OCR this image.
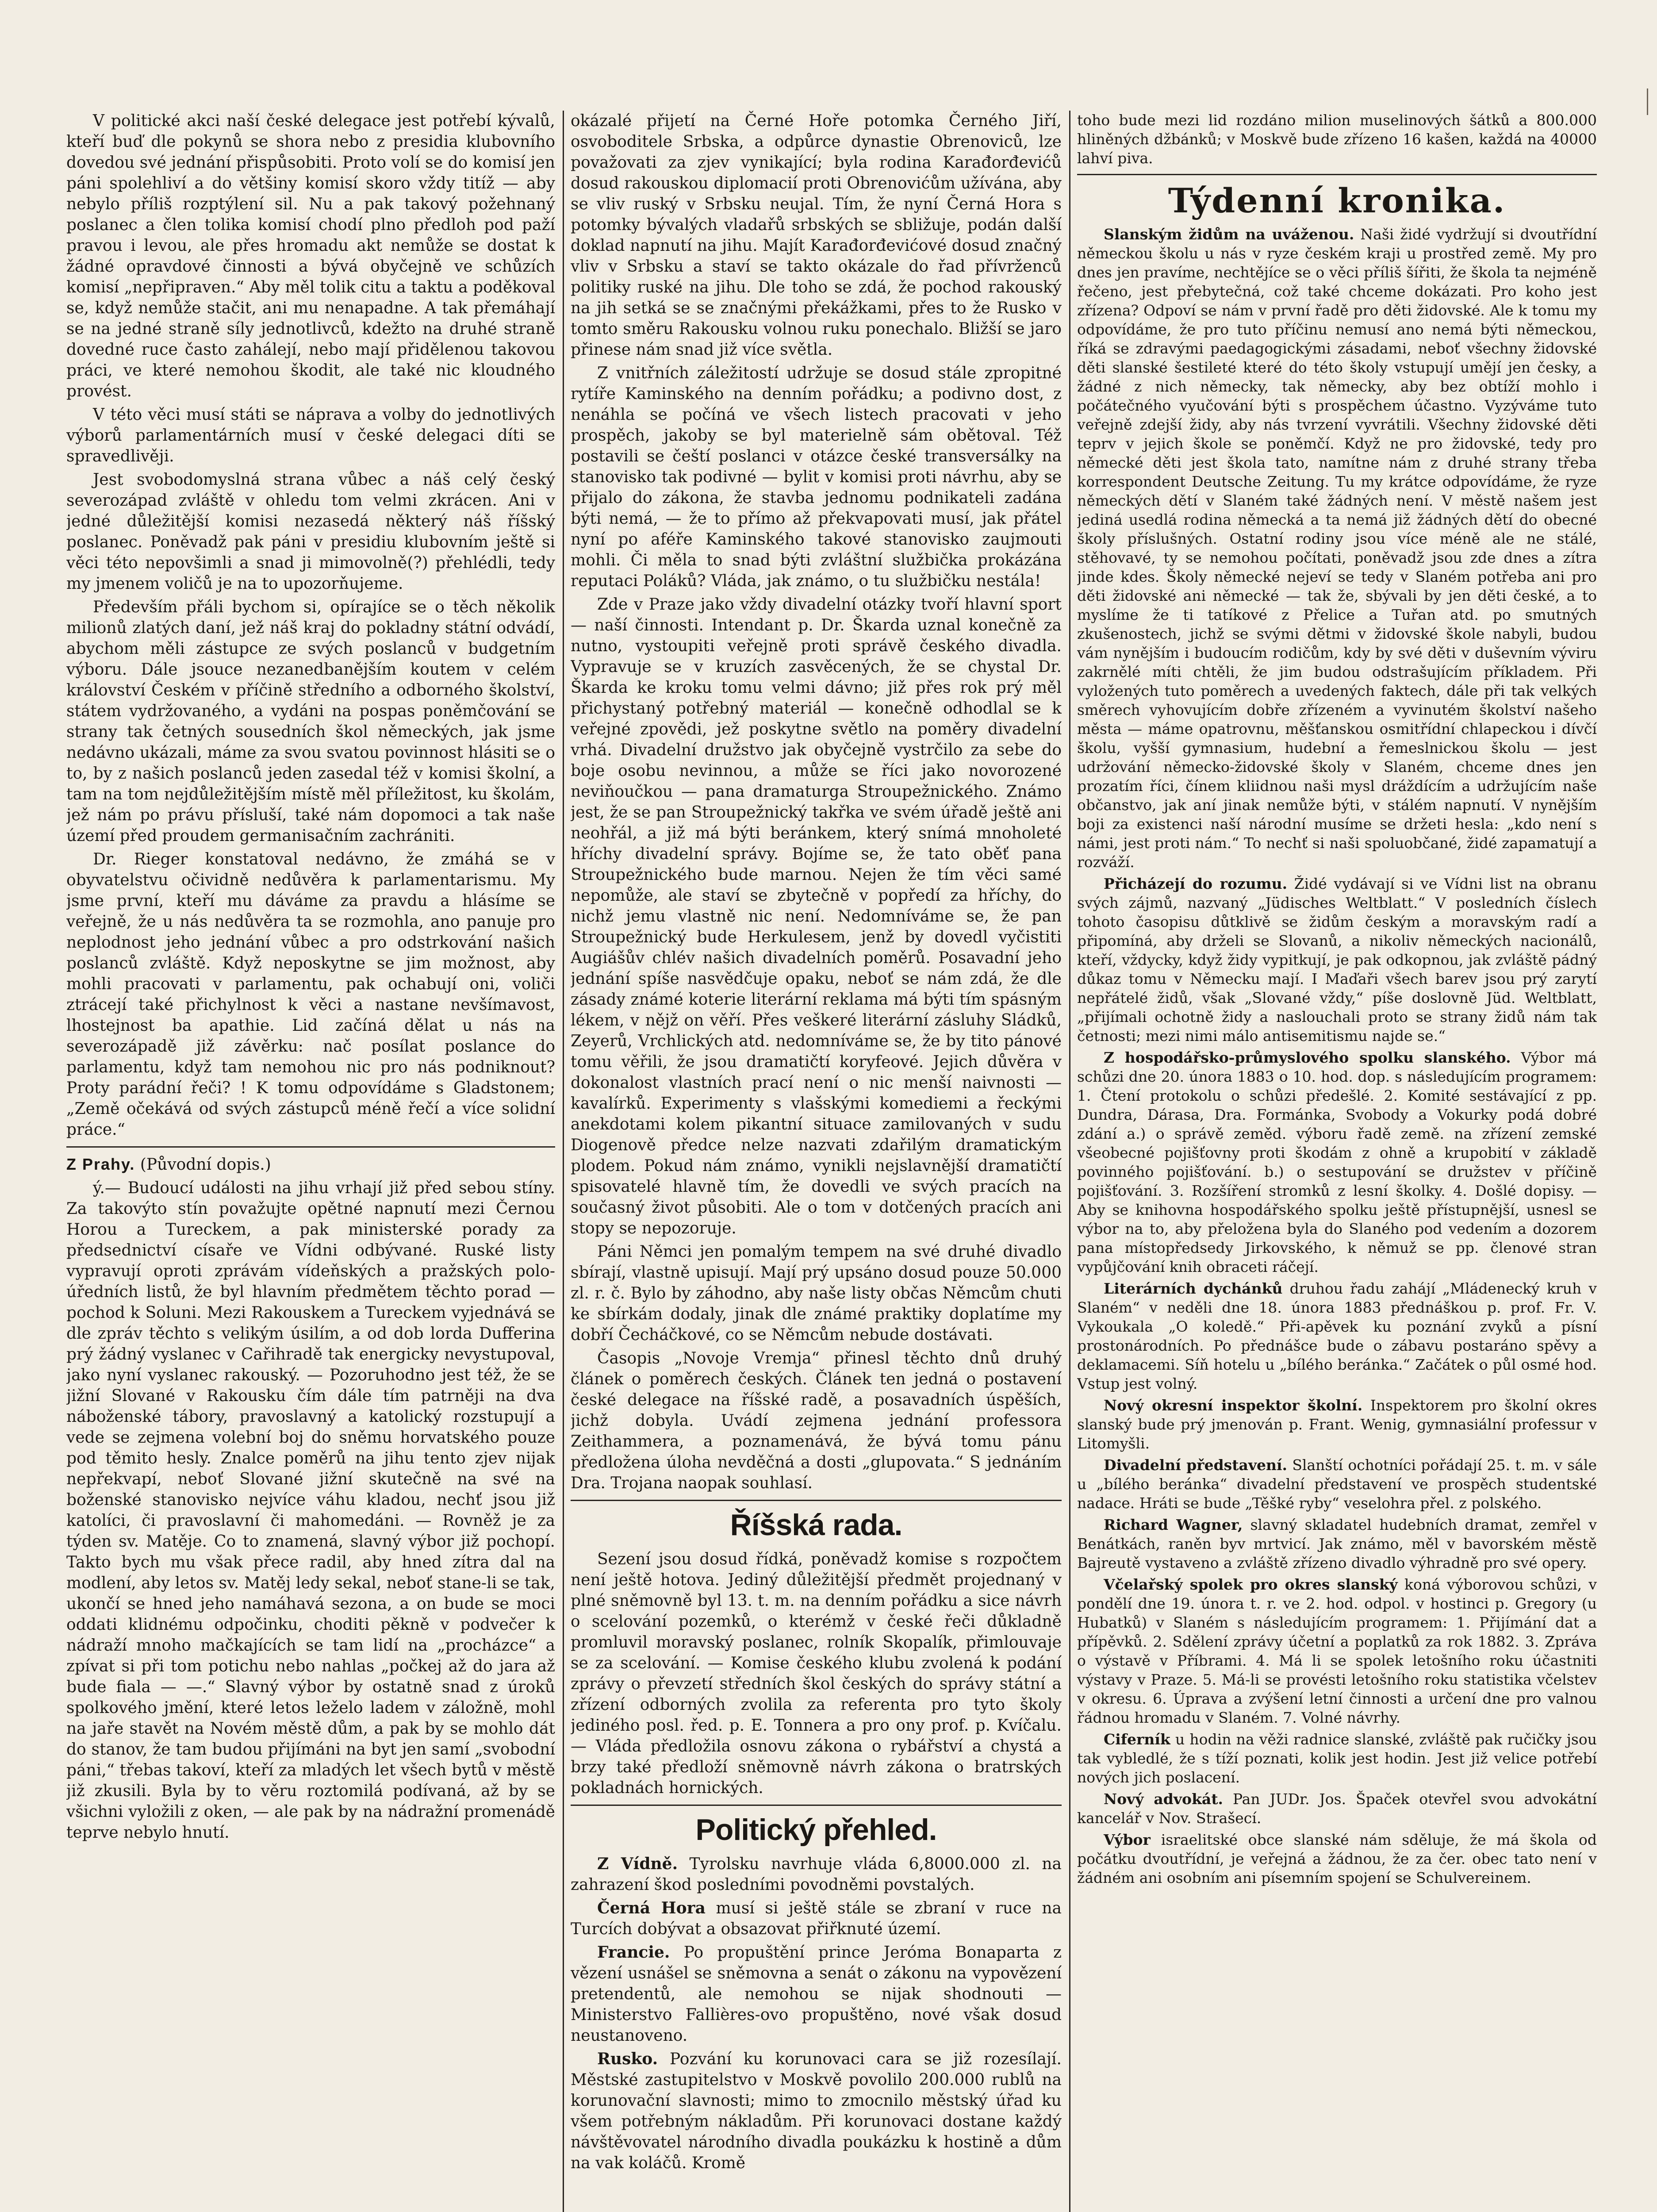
V politické akci naší české delegace jest potřebí kývalů, kteří buď dle pokynů se shora nebo z presidia klubovního dovedou své jednání přispůsobiti. Proto volí se do komisí jen páni spolehliví a do většiny komisí skoro vždy titíž — aby nebylo příliš rozptýlení sil. Nu a pak takový požehnaný poslanec a člen tolika komisí chodí plno předloh pod paží pravou i levou, ale přes hromadu akt nemůže se dostat k žádné opravdové činnosti a bývá obyčejně ve schůzích komisí „nepřipraven.“ Aby měl tolik citu a taktu a poděkoval se, když nemůže stačit, ani mu nenapadne. A tak přemáhají se na jedné straně síly jednotlivců, kdežto na druhé straně dovedné ruce často zahálejí, nebo mají přidělenou takovou práci, ve které nemohou škodit, ale také nic kloudného provést.

V této věci musí státi se náprava a volby do jednotlivých výborů parlamentárních musí v české delegaci díti se spravedlivěji.

Jest svobodomyslná strana vůbec a náš celý český severozápad zvláště v ohledu tom velmi zkrácen. Ani v jedné důležitější komisi nezasedá některý náš říšský poslanec. Poněvadž pak páni v presidiu klubovním ještě si věci této nepovšimli a snad ji mimovolně(?) přehlédli, tedy my jmenem voličů je na to upozorňujeme.

Především přáli bychom si, opírajíce se o těch několik milionů zlatých daní, jež náš kraj do pokladny státní odvádí, abychom měli zástupce ze svých poslanců v budgetním výboru. Dále jsouce nezanedbanějším koutem v celém království Českém v příčině středního a odborného školství, státem vydržovaného, a vydáni na pospas poněmčování se strany tak četných sousedních škol německých, jak jsme nedávno ukázali, máme za svou svatou povinnost hlásiti se o to, by z našich poslanců jeden zasedal též v komisi školní, a tam na tom nejdůležitějším místě měl příležitost, ku školám, jež nám po právu přísluší, také nám dopomoci a tak naše území před proudem germanisačním zachrániti.

Dr. Rieger konstatoval nedávno, že zmáhá se v obyvatelstvu očividně nedůvěra k parlamentarismu. My jsme první, kteří mu dáváme za pravdu a hlásíme se veřejně, že u nás nedůvěra ta se rozmohla, ano panuje pro neplodnost jeho jednání vůbec a pro odstrkování našich poslanců zvláště. Když neposkytne se jim možnost, aby mohli pracovati v parlamentu, pak ochabují oni, voliči ztrácejí také přichylnost k věci a nastane nevšímavost, lhostejnost ba apathie. Lid začíná dělat u nás na severozápadě již závěrku: nač posílat poslance do parlamentu, když tam nemohou nic pro nás podniknout? Proty parádní řeči? ! K tomu odpovídáme s Gladstonem; „Země očekává od svých zástupců méně řečí a více solidní práce.“

Z Prahy. (Původní dopis.)

ý.— Budoucí události na jihu vrhají již před sebou stíny. Za takovýto stín považujte opětné napnutí mezi Černou Horou a Tureckem, a pak ministerské porady za předsednictví císaře ve Vídni odbývané. Ruské listy vypravují oproti zprávám vídeňských a pražských polo-úředních listů, že byl hlavním předmětem těchto porad — pochod k Soluni. Mezi Rakouskem a Tureckem vyjednává se dle zpráv těchto s velikým úsilím, a od dob lorda Dufferina prý žádný vyslanec v Cařihradě tak energicky nevystupoval, jako nyní vyslanec rakouský. — Pozoruhodno jest též, že se jižní Slované v Rakousku čím dále tím patrněji na dva náboženské tábory, pravoslavný a katolický rozstupují a vede se zejmena volební boj do sněmu horvatského pouze pod těmito hesly. Znalce poměrů na jihu tento zjev nijak nepřekvapí, neboť Slované jižní skutečně na své na boženské stanovisko nejvíce váhu kladou, nechť jsou již katolíci, či pravoslavní či mahomedáni. — Rovněž je za týden sv. Matěje. Co to znamená, slavný výbor již pochopí. Takto bych mu však přece radil, aby hned zítra dal na modlení, aby letos sv. Matěj ledy sekal, neboť stane-li se tak, ukončí se hned jeho namáhavá sezona, a on bude se moci oddati klidnému odpočinku, choditi pěkně v podvečer k nádraží mnoho mačkajících se tam lidí na „procházce“ a zpívat si při tom potichu nebo nahlas „počkej až do jara až bude fiala — —.“ Slavný výbor by ostatně snad z úroků spolkového jmění, které letos leželo ladem v záložně, mohl na jaře stavět na Novém městě dům, a pak by se mohlo dát do stanov, že tam budou přijímáni na byt jen samí „svobodní páni,“ třebas takoví, kteří za mladých let všech bytů v městě již zkusili. Byla by to věru roztomilá podívaná, až by se všichni vyložili z oken, — ale pak by na nádražní promenádě teprve nebylo hnutí.

okázalé přijetí na Černé Hoře potomka Černého Jiří, osvoboditele Srbska, a odpůrce dynastie Obrenoviců, lze považovati za zjev vynikající; byla rodina Karađorđevićů dosud rakouskou diplomacií proti Obrenovićům užívána, aby se vliv ruský v Srbsku neujal. Tím, že nyní Černá Hora s potomky bývalých vladařů srbských se sbližuje, podán další doklad napnutí na jihu. Majít Karađorđevićové dosud značný vliv v Srbsku a staví se takto okázale do řad přívrženců politiky ruské na jihu. Dle toho se zdá, že pochod rakouský na jih setká se se značnými překážkami, přes to že Rusko v tomto směru Rakousku volnou ruku ponechalo. Bližší se jaro přinese nám snad již více světla.

Z vnitřních záležitostí udržuje se dosud stále zpropitné rytíře Kaminského na denním pořádku; a podivno dost, z nenáhla se počíná ve všech listech pracovati v jeho prospěch, jakoby se byl materielně sám obětoval. Též postavili se čeští poslanci v otázce české transversálky na stanovisko tak podivné — bylit v komisi proti návrhu, aby se přijalo do zákona, že stavba jednomu podnikateli zadána býti nemá, — že to přímo až překvapovati musí, jak přátel nyní po aféře Kaminského takové stanovisko zaujmouti mohli. Či měla to snad býti zvláštní službička prokázána reputaci Poláků? Vláda, jak známo, o tu službičku nestála!

Zde v Praze jako vždy divadelní otázky tvoří hlavní sport — naší činnosti. Intendant p. Dr. Škarda uznal konečně za nutno, vystoupiti veřejně proti správě českého divadla. Vypravuje se v kruzích zasvěcených, že se chystal Dr. Škarda ke kroku tomu velmi dávno; již přes rok prý měl přichystaný potřebný materiál — konečně odhodlal se k veřejné zpovědi, jež poskytne světlo na poměry divadelní vrhá. Divadelní družstvo jak obyčejně vystrčilo za sebe do boje osobu nevinnou, a může se říci jako novorozené neviňoučkou — pana dramaturga Stroupežnického. Známo jest, že se pan Stroupežnický takřka ve svém úřadě ještě ani neohřál, a již má býti beránkem, který snímá mnoholeté hříchy divadelní správy. Bojíme se, že tato oběť pana Stroupežnického bude marnou. Nejen že tím věci samé nepomůže, ale staví se zbytečně v popředí za hříchy, do nichž jemu vlastně nic není. Nedomníváme se, že pan Stroupežnický bude Herkulesem, jenž by dovedl vyčistiti Augiášův chlév našich divadelních poměrů. Posavadní jeho jednání spíše nasvědčuje opaku, neboť se nám zdá, že dle zásady známé koterie literární reklama má býti tím spásným lékem, v nějž on věří. Přes veškeré literární zásluhy Sládků, Zeyerů, Vrchlických atd. nedomníváme se, že by tito pánové tomu věřili, že jsou dramatičtí koryfeové. Jejich důvěra v dokonalost vlastních prací není o nic menší naivnosti — kavalírků. Experimenty s vlašskými komediemi a řeckými anekdotami kolem pikantní situace zamilovaných v sudu Diogenově předce nelze nazvati zdařilým dramatickým plodem. Pokud nám známo, vynikli nejslavnější dramatičtí spisovatelé hlavně tím, že dovedli ve svých pracích na současný život působiti. Ale o tom v dotčených pracích ani stopy se nepozoruje.

Páni Němci jen pomalým tempem na své druhé divadlo sbírají, vlastně upisují. Mají prý upsáno dosud pouze 50.000 zl. r. č. Bylo by záhodno, aby naše listy občas Němcům chuti ke sbírkám dodaly, jinak dle známé praktiky doplatíme my dobří Čecháčkové, co se Němcům nebude dostávati.

Časopis „Novoje Vremja“ přinesl těchto dnů druhý článek o poměrech českých. Článek ten jedná o postavení české delegace na říšské radě, a posavadních úspěších, jichž dobyla. Uvádí zejmena jednání professora Zeithammera, a poznamenává, že bývá tomu pánu předložena úloha nevděčná a dosti „glupovata.“ S jednáním Dra. Trojana naopak souhlasí.

Říšská rada.

Sezení jsou dosud řídká, poněvadž komise s rozpočtem není ještě hotova. Jediný důležitější předmět projednaný v plné sněmovně byl 13. t. m. na denním pořádku a sice návrh o scelování pozemků, o kterémž v české řeči důkladně promluvil moravský poslanec, rolník Skopalík, přimlouvaje se za scelování. — Komise českého klubu zvolená k podání zprávy o převzetí středních škol českých do správy státní a zřízení odborných zvolila za referenta pro tyto školy jediného posl. řed. p. E. Tonnera a pro ony prof. p. Kvíčalu. — Vláda předložila osnovu zákona o rybářství a chystá a brzy také předloží sněmovně návrh zákona o bratrských pokladnách hornických.

Politický přehled.

Z Vídně. Tyrolsku navrhuje vláda 6,8000.000 zl. na zahrazení škod posledními povodněmi povstalých.

Černá Hora musí si ještě stále se zbraní v ruce na Turcích dobývat a obsazovat přiřknuté území.

Francie. Po propuštění prince Jeróma Bonaparta z vězení usnášel se sněmovna a senát o zákonu na vypovězení pretendentů, ale nemohou se nijak shodnouti — Ministerstvo Fallières-ovo propuštěno, nové však dosud neustanoveno.

Rusko. Pozvání ku korunovaci cara se již rozesílají. Městské zastupitelstvo v Moskvě povolilo 200.000 rublů na korunovační slavnosti; mimo to zmocnilo městský úřad ku všem potřebným nákladům. Při korunovaci dostane každý návštěvovatel národního divadla poukázku k hostině a dům na vak koláčů. Kromě

toho bude mezi lid rozdáno milion muselinových šátků a 800.000 hliněných džbánků; v Moskvě bude zřízeno 16 kašen, každá na 40000 lahví piva.

Týdenní kronika.

Slanským židům na uváženou. Naši židé vydržují si dvoutřídní německou školu u nás v ryze českém kraji u prostřed země. My pro dnes jen pravíme, nechtějíce se o věci příliš šířiti, že škola ta nejméně řečeno, jest přebytečná, což také chceme dokázati. Pro koho jest zřízena? Odpoví se nám v první řadě pro děti židovské. Ale k tomu my odpovídáme, že pro tuto příčinu nemusí ano nemá býti německou, říká se zdravými paedagogickými zásadami, neboť všechny židovské děti slanské šestileté které do této školy vstupují umějí jen česky, a žádné z nich německy, tak německy, aby bez obtíží mohlo i počátečného vyučování býti s prospěchem účastno. Vyzýváme tuto veřejně zdejší židy, aby nás tvrzení vyvrátili. Všechny židovské děti teprv v jejich škole se poněmčí. Když ne pro židovské, tedy pro německé děti jest škola tato, namítne nám z druhé strany třeba korrespondent Deutsche Zeitung. Tu my krátce odpovídáme, že ryze německých dětí v Slaném také žádných není. V městě našem jest jediná usedlá rodina německá a ta nemá již žádných dětí do obecné školy příslušných. Ostatní rodiny jsou více méně ale ne stálé, stěhovavé, ty se nemohou počítati, poněvadž jsou zde dnes a zítra jinde kdes. Školy německé nejeví se tedy v Slaném potřeba ani pro děti židovské ani německé — tak že, sbývali by jen děti české, a to myslíme že ti tatíkové z Přelice a Tuřan atd. po smutných zkušenostech, jichž se svými dětmi v židovské škole nabyli, budou vám nynějším i budoucím rodičům, kdy by své děti v duševním výviru zakrnělé míti chtěli, že jim budou odstrašujícím příkladem. Při vyložených tuto poměrech a uvedených faktech, dále při tak velkých směrech vyhovujícím dobře zřízeném a vyvinutém školství našeho města — máme opatrovnu, měšťanskou osmitřídní chlapeckou i dívčí školu, vyšší gymnasium, hudební a řemeslnickou školu — jest udržování německo-židovské školy v Slaném, chceme dnes jen prozatím říci, čínem kliidnou naši mysl dráždícím a udržujícím naše občanstvo, jak aní jinak nemůže býti, v stálém napnutí. V nynějším boji za existenci naší národní musíme se držeti hesla: „kdo není s námi, jest proti nám.“ To nechť si naši spoluobčané, židé zapamatují a rozváží.

Přicházejí do rozumu. Židé vydávají si ve Vídni list na obranu svých zájmů, nazvaný „Jüdisches Weltblatt.“ V posledních číslech tohoto časopisu důtklivě se židům českým a moravským radí a připomíná, aby drželi se Slovanů, a nikoliv německých nacionálů, kteří, vždycky, když židy vypitkují, je pak odkopnou, jak zvláště pádný důkaz tomu v Německu mají. I Maďaři všech barev jsou prý zarytí nepřátelé židů, však „Slované vždy,“ píše doslovně Jüd. Weltblatt, „přijímali ochotně židy a naslouchali proto se strany židů nám tak četnosti; mezi nimi málo antisemitismu najde se.“

Z hospodářsko-průmyslového spolku slanského. Výbor má schůzi dne 20. února 1883 o 10. hod. dop. s následujícím programem: 1. Čtení protokolu o schůzi předešlé. 2. Komité sestávající z pp. Dundra, Dárasa, Dra. Formánka, Svobody a Vokurky podá dobré zdání a.) o správě zeměd. výboru řadě země. na zřízení zemské všeobecné pojišťovny proti škodám z ohně a krupobití v základě povinného pojišťování. b.) o sestupování se družstev v příčině pojišťování. 3. Rozšíření stromků z lesní školky. 4. Došlé dopisy. — Aby se knihovna hospodářského spolku ještě přístupnější, usnesl se výbor na to, aby přeložena byla do Slaného pod vedením a dozorem pana místopředsedy Jirkovského, k němuž se pp. členové stran vypůjčování knih obraceti ráčejí.

Literárních dychánků druhou řadu zahájí „Mládenecký kruh v Slaném“ v neděli dne 18. února 1883 přednáškou p. prof. Fr. V. Vykoukala „O koledě.“ Při-apěvek ku poznání zvyků a písní prostonárodních. Po přednášce bude o zábavu postaráno spěvy a deklamacemi. Síň hotelu u „bílého beránka.“ Začátek o půl osmé hod. Vstup jest volný.

Nový okresní inspektor školní. Inspektorem pro školní okres slanský bude prý jmenován p. Frant. Wenig, gymnasiální professur v Litomyšli.

Divadelní představení. Slanští ochotníci pořádají 25. t. m. v sále u „bílého beránka“ divadelní představení ve prospěch studentské nadace. Hráti se bude „Těšké ryby“ veselohra přel. z polského.

Richard Wagner, slavný skladatel hudebních dramat, zemřel v Benátkách, raněn byv mrtvicí. Jak známo, měl v bavorském městě Bajreutě vystaveno a zvláště zřízeno divadlo výhradně pro své opery.

Včelařský spolek pro okres slanský koná výborovou schůzi, v pondělí dne 19. února t. r. ve 2. hod. odpol. v hostinci p. Gregory (u Hubatků) v Slaném s následujícím programem: 1. Přijímání dat a přípěvků. 2. Sdělení zprávy účetní a poplatků za rok 1882. 3. Zpráva o výstavě v Příbrami. 4. Má li se spolek letošního roku účastniti výstavy v Praze. 5. Má-li se provésti letošního roku statistika včelstev v okresu. 6. Úprava a zvýšení letní činnosti a určení dne pro valnou řádnou hromadu v Slaném. 7. Volné návrhy.

Ciferník u hodin na věži radnice slanské, zvláště pak ručičky jsou tak vybledlé, že s tíží poznati, kolik jest hodin. Jest již velice potřebí nových jich poslacení.

Nový advokát. Pan JUDr. Jos. Špaček otevřel svou advokátní kancelář v Nov. Strašecí.

Výbor israelitské obce slanské nám sděluje, že má škola od počátku dvoutřídní, je veřejná a žádnou, že za čer. obec tato není v žádném ani osobním ani písemním spojení se Schulvereinem.
